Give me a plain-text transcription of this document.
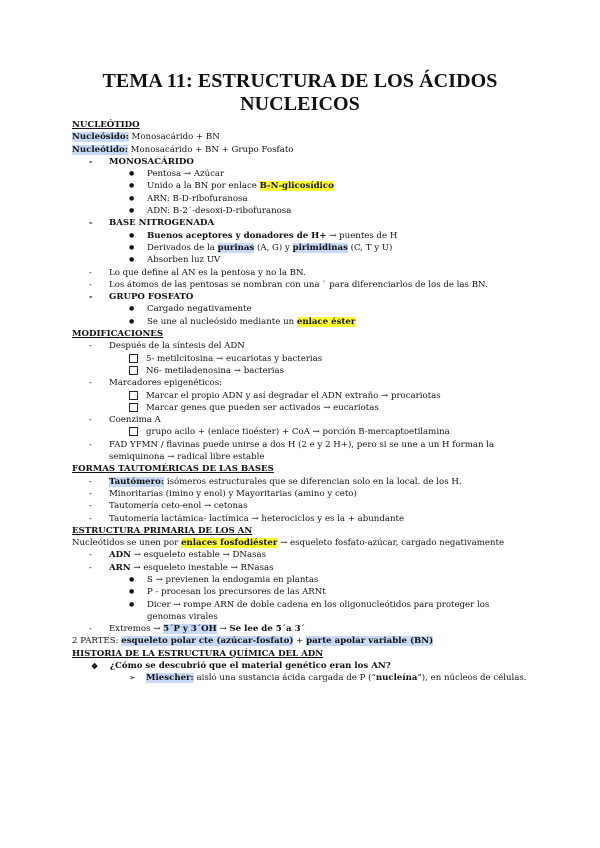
TEMA 11: ESTRUCTURA DE LOS ÁCIDOS
NUCLEICOS
NUCLEÓTIDO
Nucleósido: Monosacárido + BN
Nucleótido: Monosacárido + BN + Grupo Fosfato
- MONOSACÁRIDO
● Pentosa → Azúcar
● Unido a la BN por enlace B-N-glicosídico
● ARN: B-D-ribofuranosa
● ADN: B-2´-desoxi-D-ribofuranosa
- BASE NITROGENADA
● Buenos aceptores y donadores de H+ → puentes de H
● Derivados de la purinas (A, G) y pirimidinas (C, T y U)
● Absorben luz UV
- Lo que define al AN es la pentosa y no la BN.
- Los átomos de las pentosas se nombran con una ` para diferenciarlos de los de las BN.
- GRUPO FOSFATO
● Cargado negativamente
● Se une al nucleósido mediante un enlace éster
MODIFICACIONES
- Después de la síntesis del ADN
5- metilcitosina → eucariotas y bacterias
N6- metiladenosina → bacterias
- Marcadores epigenéticos:
Marcar el propio ADN y así degradar el ADN extraño → procariotas
Marcar genes que pueden ser activados → eucariotas
- Coenzima A
grupo acilo + (enlace tioéster) + CoA → porción B-mercaptoetilamina
- FAD YFMN / flavinas puede unirse a dos H (2 e y 2 H+), pero si se une a un H forman la
semiquinona → radical libre estable
FORMAS TAUTOMÉRICAS DE LAS BASES
- Tautómero: isómeros estructurales que se diferencian solo en la local. de los H.
- Minoritarias (imino y enol) y Mayoritarias (amino y ceto)
- Tautomería ceto-enol → cetonas
- Tautomería lactámica- lactímica → heterociclos y es la + abundante
ESTRUCTURA PRIMARIA DE LOS AN
Nucleótidos se unen por enlaces fosfodiéster → esqueleto fosfato-azúcar, cargado negativamente
- ADN → esqueleto estable → DNasas
- ARN → esqueleto inestable → RNasas
● S → previenen la endogamia en plantas
● P - procesan los precursores de las ARNt
● Dicer → rompe ARN de doble cadena en los oligonucleótidos para proteger los genomas virales
- Extremos → 5´P y 3´OH → Se lee de 5´a 3´
2 PARTES: esqueleto polar cte (azúcar-fosfato) + parte apolar variable (BN)
HISTORIA DE LA ESTRUCTURA QUÍMICA DEL ADN
❖ ¿Cómo se descubrió que el material genético eran los AN?
➢ Miescher: aisló una sustancia ácida cargada de P (“nucleína”), en núcleos de células.
